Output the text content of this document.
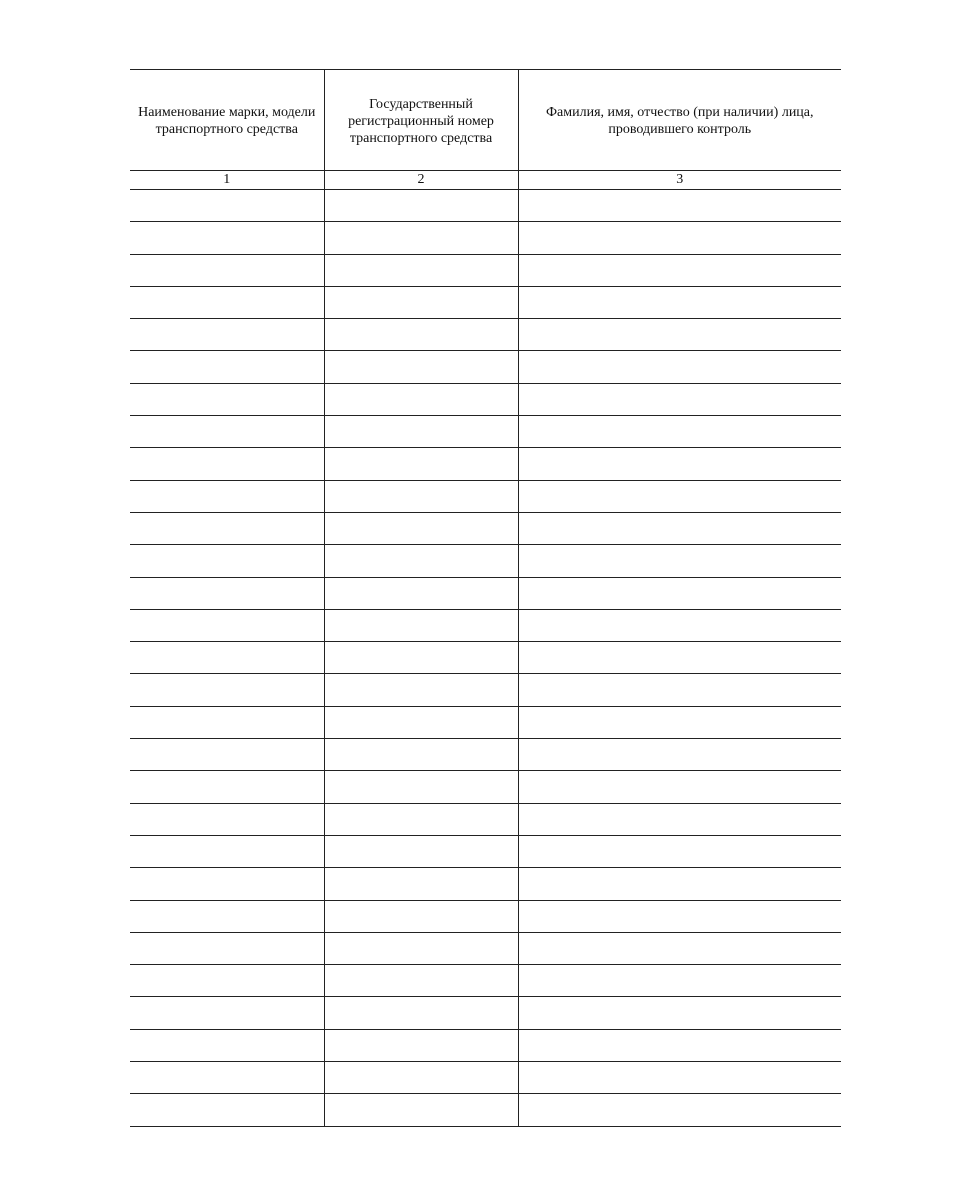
Наименование марки, модели транспортного средства	Государственный регистрационный номер транспортного средства	Фамилия, имя, отчество (при наличии) лица, проводившего контроль

1	2	3
